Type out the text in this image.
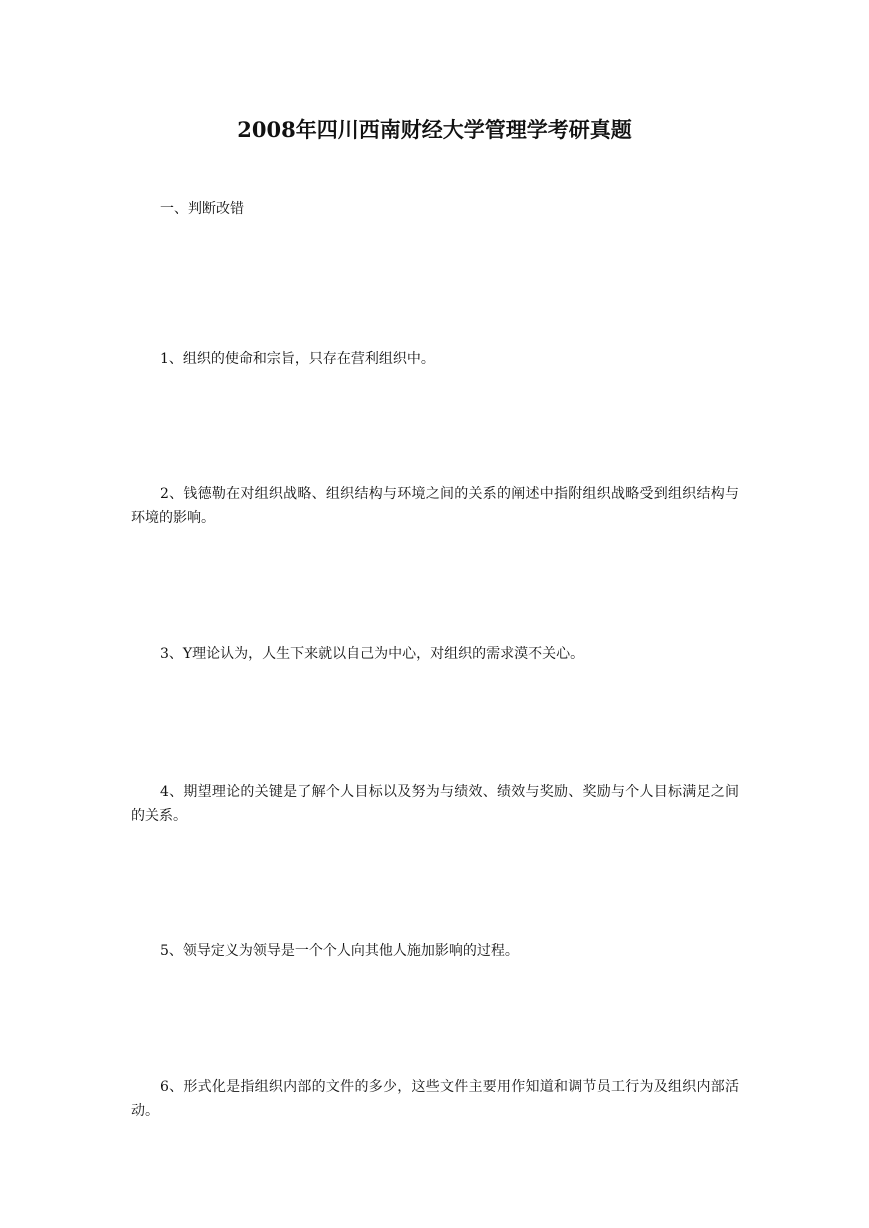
2008年四川西南财经大学管理学考研真题
一、判断改错

1、组织的使命和宗旨，只存在营利组织中。

2、钱德勒在对组织战略、组织结构与环境之间的关系的阐述中指附组织战略受到组织结构与环境的影响。

3、Y理论认为，人生下来就以自己为中心，对组织的需求漠不关心。

4、期望理论的关键是了解个人目标以及努为与绩效、绩效与奖励、奖励与个人目标满足之间的关系。

5、领导定义为领导是一个个人向其他人施加影响的过程。

6、形式化是指组织内部的文件的多少，这些文件主要用作知道和调节员工行为及组织内部活动。
